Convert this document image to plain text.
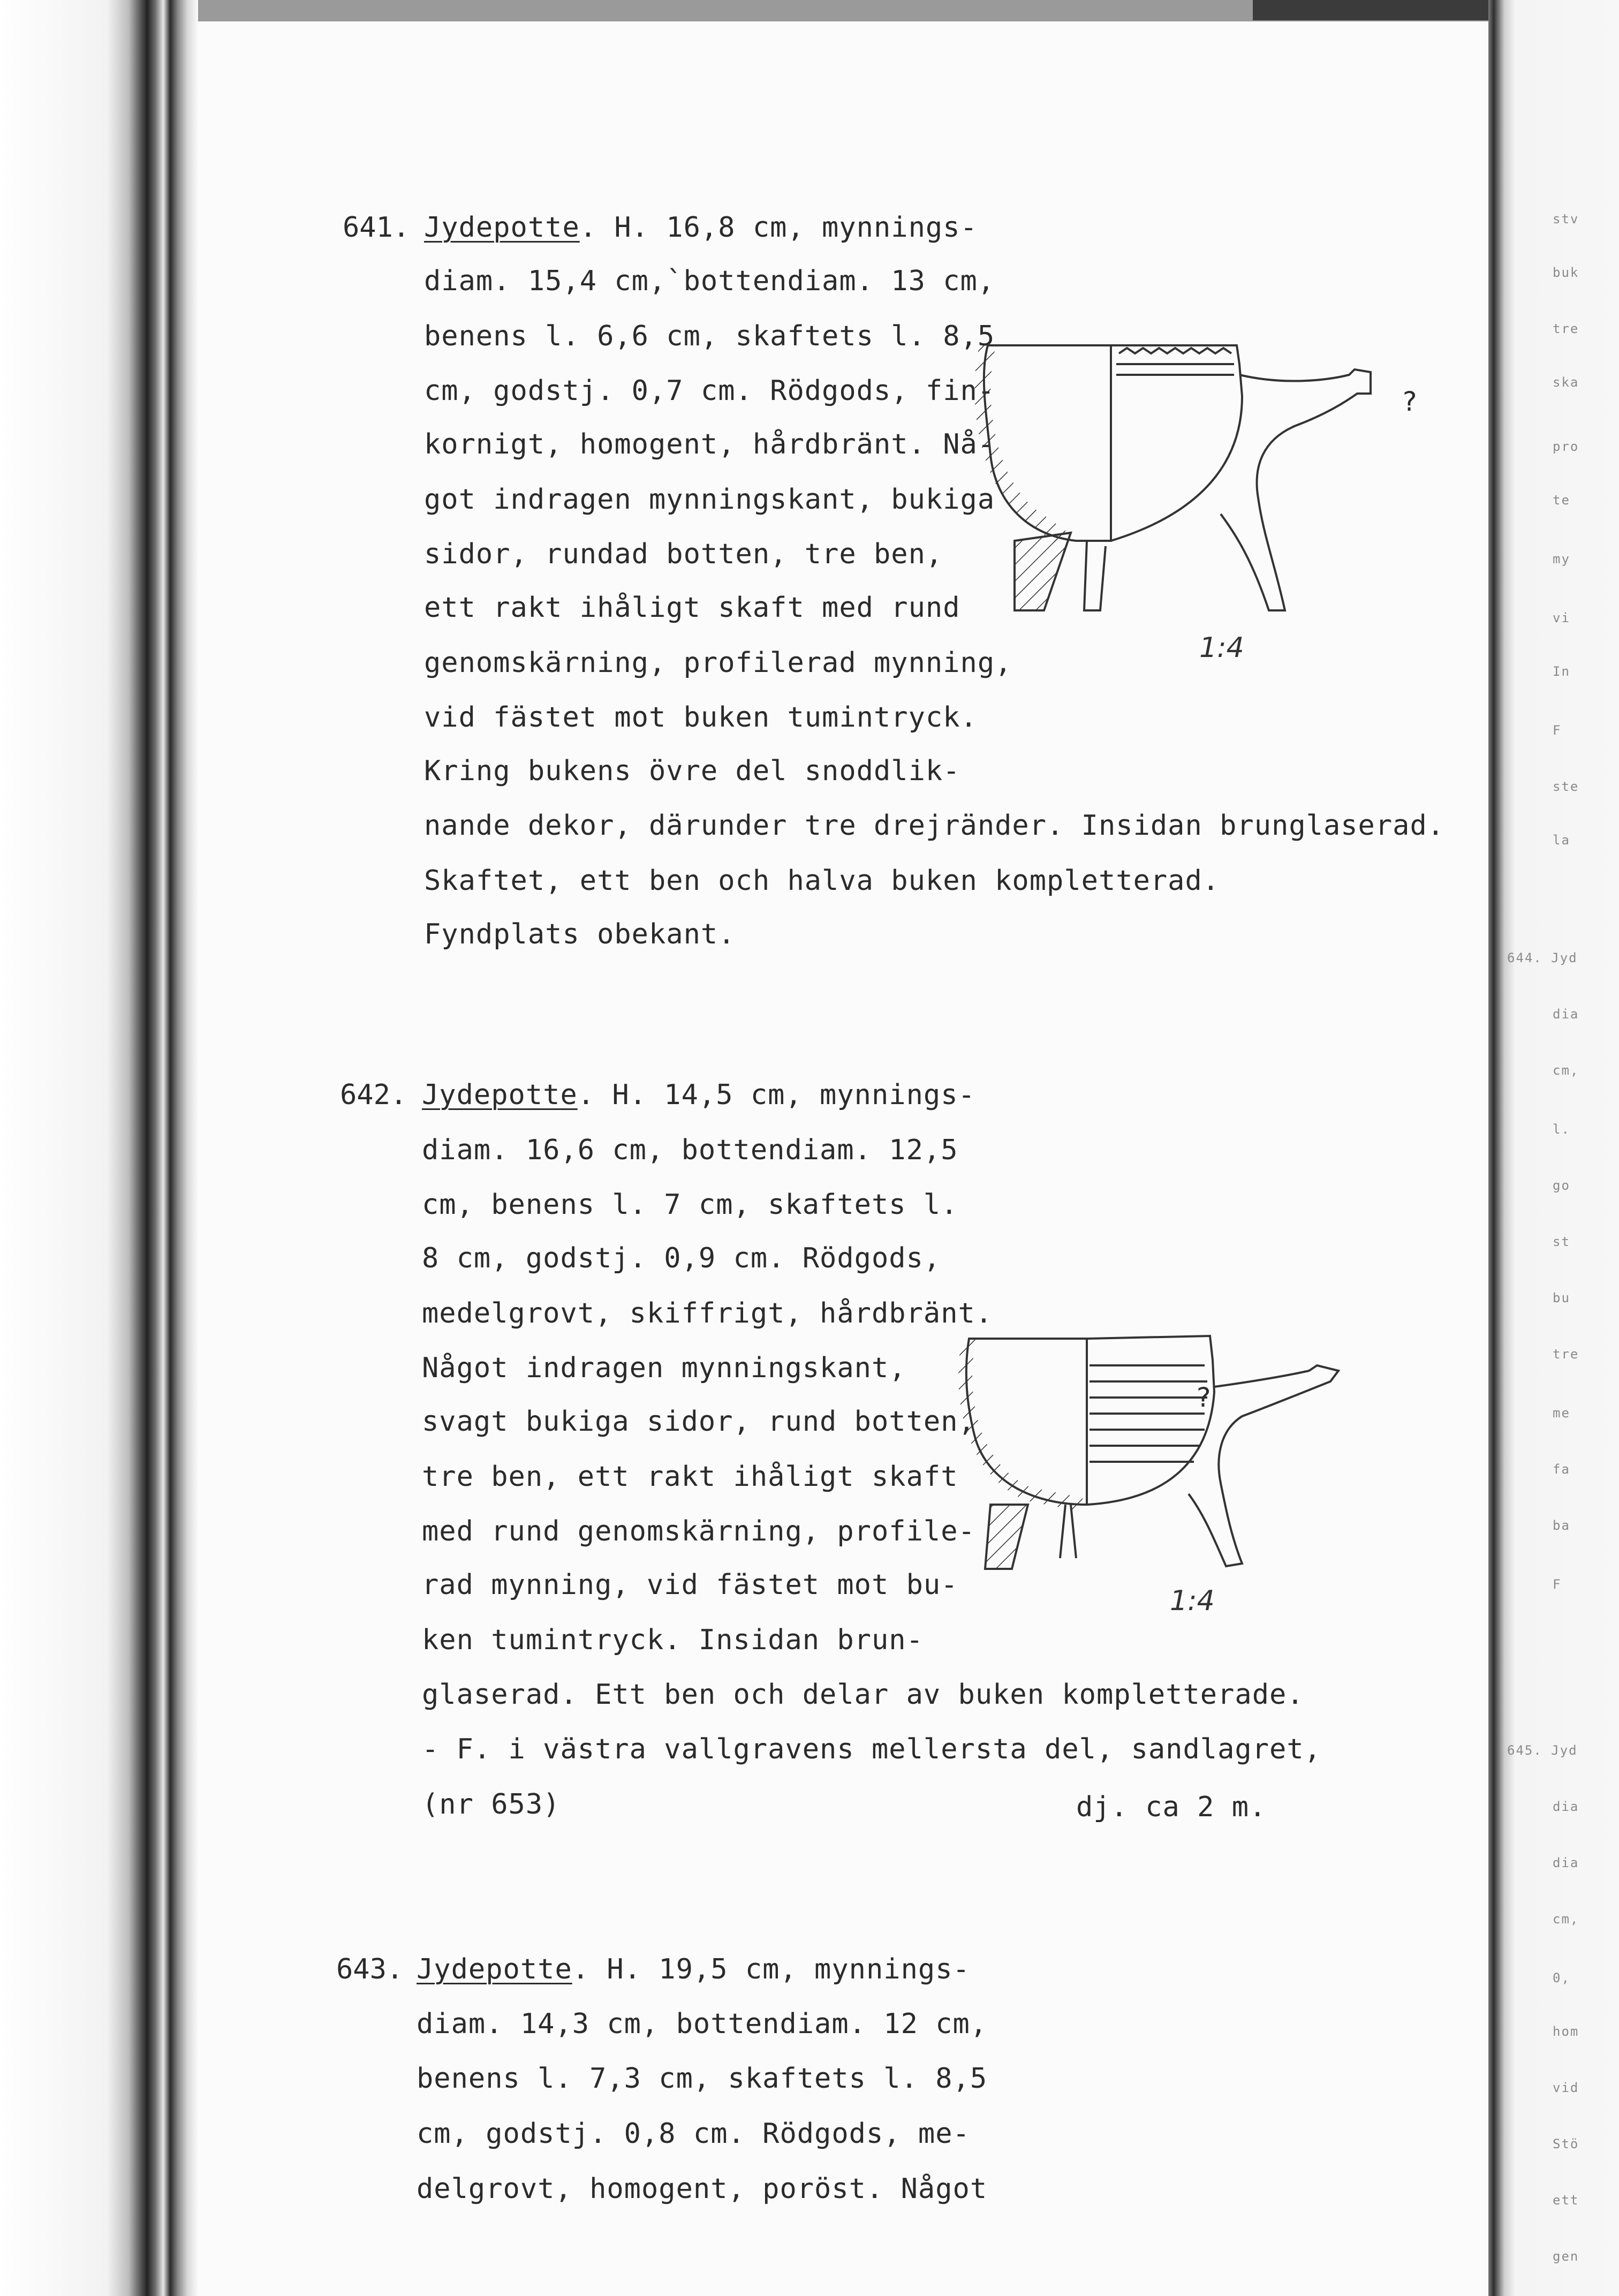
stv
buk
tre
ska
pro
te
my
vi
In
F
ste
la
644. Jyd
dia
cm,
l.
go
st
bu
tre
me
fa
ba
F
645. Jyd
dia
dia
cm,
0,
hom
vid
Stö
ett
gen
641. Jydepotte. H. 16,8 cm, mynnings-
diam. 15,4 cm,`bottendiam. 13 cm,
benens l. 6,6 cm, skaftets l. 8,5
cm, godstj. 0,7 cm. Rödgods, fin-
kornigt, homogent, hårdbränt. Nå-
got indragen mynningskant, bukiga
sidor, rundad botten, tre ben,
ett rakt ihåligt skaft med rund
genomskärning, profilerad mynning,
vid fästet mot buken tumintryck.
Kring bukens övre del snoddlik-
nande dekor, därunder tre drejränder. Insidan brunglaserad.
Skaftet, ett ben och halva buken kompletterad.
Fyndplats obekant.
?
1:4
642. Jydepotte. H. 14,5 cm, mynnings-
diam. 16,6 cm, bottendiam. 12,5
cm, benens l. 7 cm, skaftets l.
8 cm, godstj. 0,9 cm. Rödgods,
medelgrovt, skiffrigt, hårdbränt.
Något indragen mynningskant,
svagt bukiga sidor, rund botten,
tre ben, ett rakt ihåligt skaft
med rund genomskärning, profile-
rad mynning, vid fästet mot bu-
ken tumintryck. Insidan brun-
glaserad. Ett ben och delar av buken kompletterade.
- F. i västra vallgravens mellersta del, sandlagret,
(nr 653)	dj. ca 2 m.
?
1:4
643. Jydepotte. H. 19,5 cm, mynnings-
diam. 14,3 cm, bottendiam. 12 cm,
benens l. 7,3 cm, skaftets l. 8,5
cm, godstj. 0,8 cm. Rödgods, me-
delgrovt, homogent, poröst. Något
